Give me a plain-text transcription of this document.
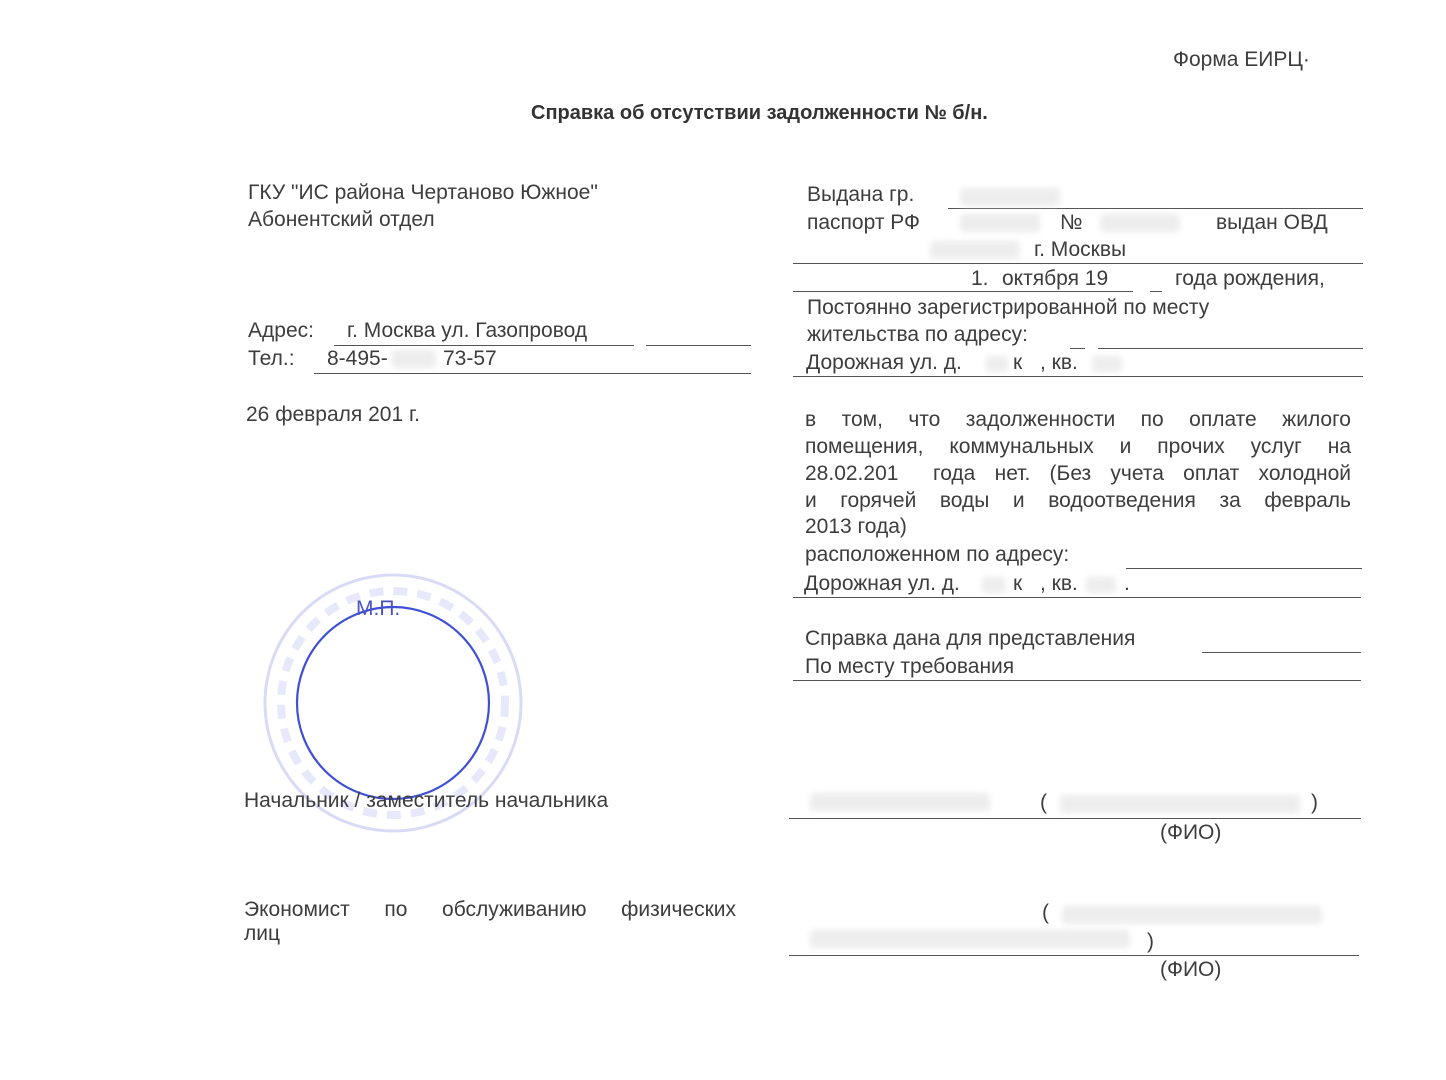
Форма ЕИРЦ·
Справка об отсутствии задолженности № б/н.
ГКУ "ИС района Чертаново Южное"
Абонентский отдел
Адрес: г. Москва ул. Газопровод
Тел.: 8-495-	73-57
26 февраля 201 г.
Выдана гр.
паспорт РФ	№	выдан ОВД
г. Москвы
1. октября 19	года рождения,
Постоянно зарегистрированной по месту
жительства по адресу:
Дорожная ул. д. к , кв.
в том, что задолженности по оплате жилого
помещения, коммунальных и прочих услуг на
28.02.201 года нет. (Без учета оплат холодной
и горячей воды и водоотведения за февраль
2013 года)
расположенном по адресу:
Дорожная ул. д.	к , кв. .
Справка дана для представления
По месту требования
М.П.
Начальник / заместитель начальника	(	)
(ФИО)
Экономист по обслуживанию физических
лиц
(
)
(ФИО)
